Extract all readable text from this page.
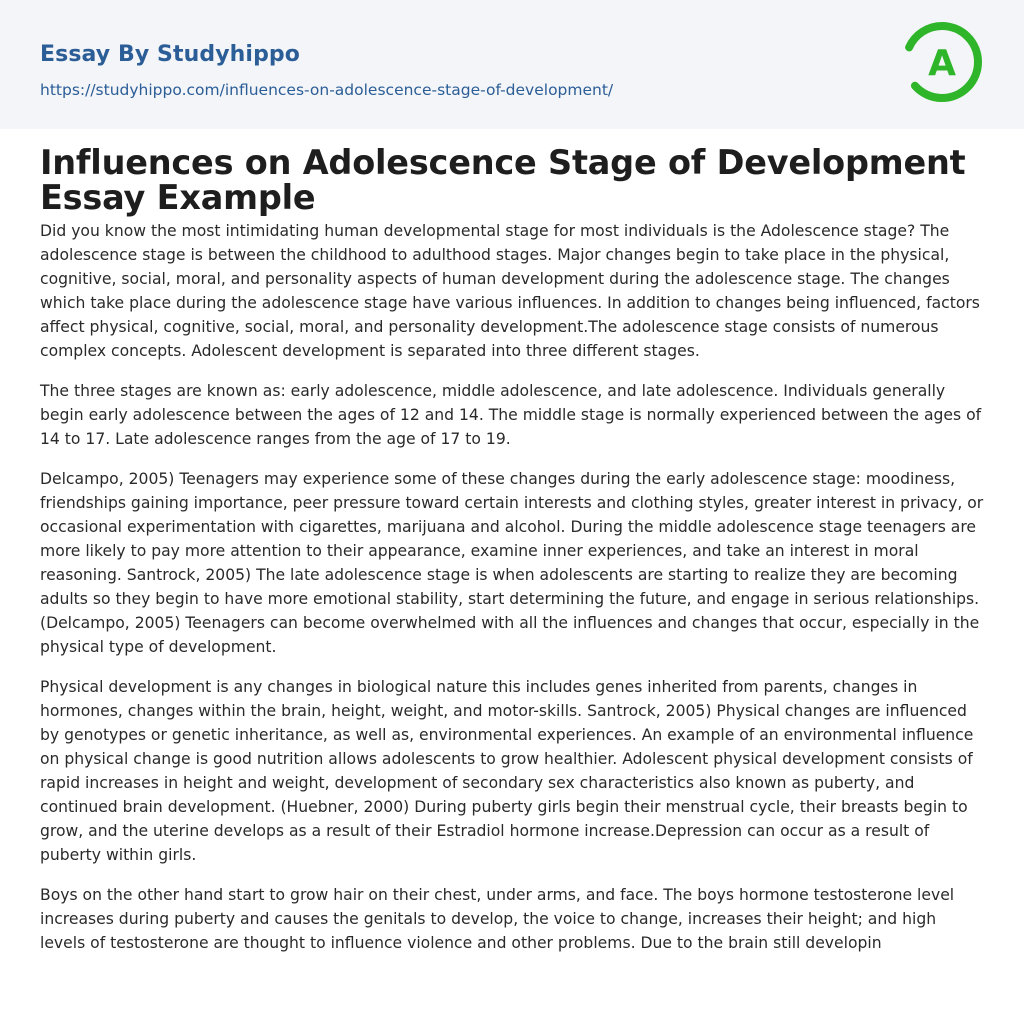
Essay By Studyhippo
https://studyhippo.com/influences-on-adolescence-stage-of-development/
A
Influences on Adolescence Stage of Development Essay Example

Did you know the most intimidating human developmental stage for most individuals is the Adolescence stage? The adolescence stage is between the childhood to adulthood stages. Major changes begin to take place in the physical, cognitive, social, moral, and personality aspects of human development during the adolescence stage. The changes which take place during the adolescence stage have various influences. In addition to changes being influenced, factors affect physical, cognitive, social, moral, and personality development.The adolescence stage consists of numerous complex concepts. Adolescent development is separated into three different stages.

The three stages are known as: early adolescence, middle adolescence, and late adolescence. Individuals generally begin early adolescence between the ages of 12 and 14. The middle stage is normally experienced between the ages of 14 to 17. Late adolescence ranges from the age of 17 to 19.

Delcampo, 2005) Teenagers may experience some of these changes during the early adolescence stage: moodiness, friendships gaining importance, peer pressure toward certain interests and clothing styles, greater interest in privacy, or occasional experimentation with cigarettes, marijuana and alcohol. During the middle adolescence stage teenagers are more likely to pay more attention to their appearance, examine inner experiences, and take an interest in moral reasoning. Santrock, 2005) The late adolescence stage is when adolescents are starting to realize they are becoming adults so they begin to have more emotional stability, start determining the future, and engage in serious relationships. (Delcampo, 2005) Teenagers can become overwhelmed with all the influences and changes that occur, especially in the physical type of development.

Physical development is any changes in biological nature this includes genes inherited from parents, changes in hormones, changes within the brain, height, weight, and motor-skills. Santrock, 2005) Physical changes are influenced by genotypes or genetic inheritance, as well as, environmental experiences. An example of an environmental influence on physical change is good nutrition allows adolescents to grow healthier. Adolescent physical development consists of rapid increases in height and weight, development of secondary sex characteristics also known as puberty, and continued brain development. (Huebner, 2000) During puberty girls begin their menstrual cycle, their breasts begin to grow, and the uterine develops as a result of their Estradiol hormone increase.Depression can occur as a result of puberty within girls.

Boys on the other hand start to grow hair on their chest, under arms, and face. The boys hormone testosterone level increases during puberty and causes the genitals to develop, the voice to change, increases their height; and high levels of testosterone are thought to influence violence and other problems. Due to the brain still developin
